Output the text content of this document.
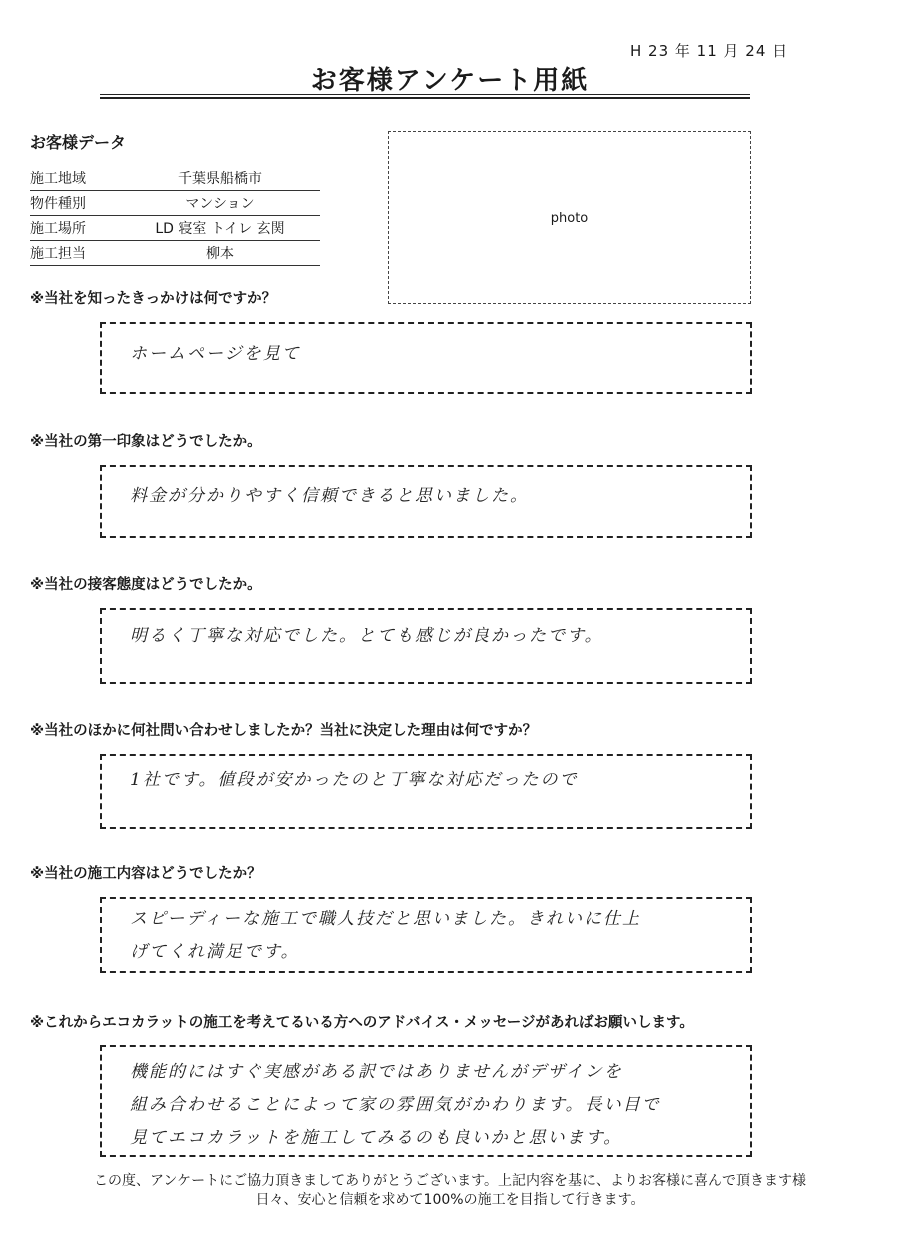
H 23 年 11 月 24 日
お客様アンケート用紙
お客様データ
施工地域	千葉県船橋市
物件種別	マンション
施工場所	LD 寝室 トイレ 玄関
施工担当	柳本
photo
※当社を知ったきっかけは何ですか？
ホームページを見て
※当社の第一印象はどうでしたか。
料金が分かりやすく信頼できると思いました。
※当社の接客態度はどうでしたか。
明るく丁寧な対応でした。とても感じが良かったです。
※当社のほかに何社問い合わせしましたか？当社に決定した理由は何ですか？
1社です。値段が安かったのと丁寧な対応だったので
※当社の施工内容はどうでしたか？
スピーディーな施工で職人技だと思いました。きれいに仕上
げてくれ満足です。
※これからエコカラットの施工を考えてるいる方へのアドバイス・メッセージがあればお願いします。
機能的にはすぐ実感がある訳ではありませんがデザインを
組み合わせることによって家の雰囲気がかわります。長い目で
見てエコカラットを施工してみるのも良いかと思います。
この度、アンケートにご協力頂きましてありがとうございます。上記内容を基に、よりお客様に喜んで頂きます様
日々、安心と信頼を求めて100%の施工を目指して行きます。
